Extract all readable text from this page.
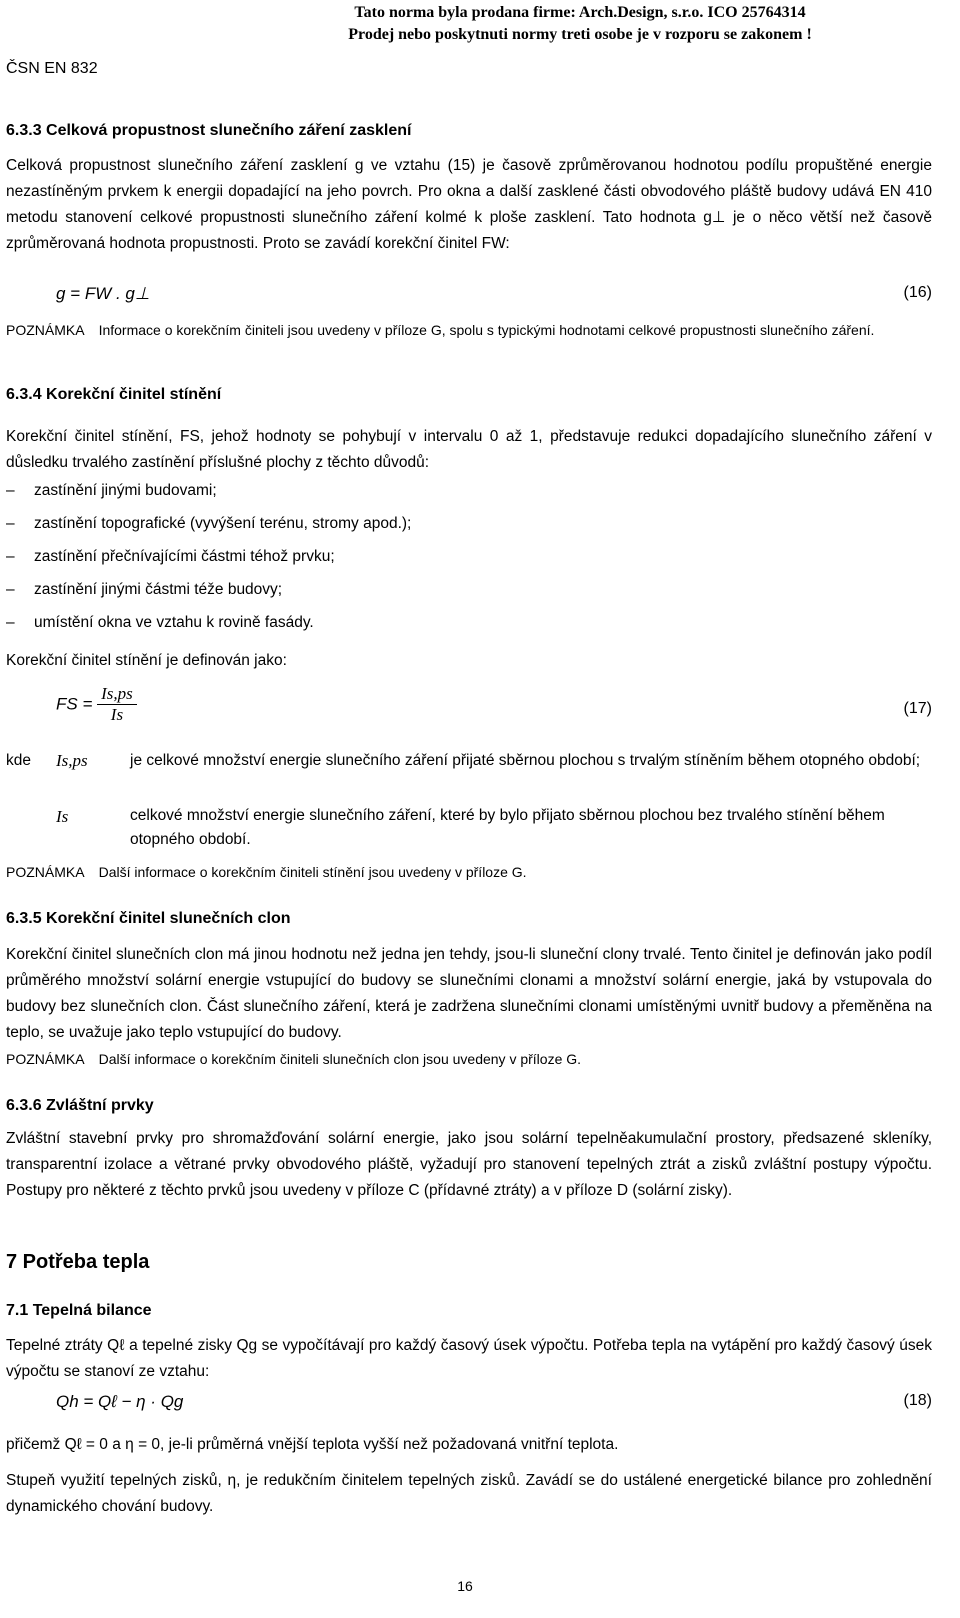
Tato norma byla prodana firme: Arch.Design, s.r.o. ICO 25764314
Prodej nebo poskytnuti normy treti osobe je v rozporu se zakonem !
ČSN EN 832
6.3.3 Celková propustnost slunečního záření zasklení
Celková propustnost slunečního záření zasklení g ve vztahu (15) je časově zprůměrovanou hodnotou podílu propuštěné energie nezastíněným prvkem k energii dopadající na jeho povrch. Pro okna a další zasklené části obvodového pláště budovy udává EN 410 metodu stanovení celkové propustnosti slunečního záření kolmé k ploše zasklení. Tato hodnota g⊥ je o něco větší než časově zprůměrovaná hodnota propustnosti. Proto se zavádí korekční činitel FW:
g = FW . g⊥	(16)
POZNÁMKA Informace o korekčním činiteli jsou uvedeny v příloze G, spolu s typickými hodnotami celkové propustnosti slunečního záření.
6.3.4 Korekční činitel stínění
Korekční činitel stínění, FS, jehož hodnoty se pohybují v intervalu 0 až 1, představuje redukci dopadajícího slunečního záření v důsledku trvalého zastínění příslušné plochy z těchto důvodů:
– zastínění jinými budovami;
– zastínění topografické (vyvýšení terénu, stromy apod.);
– zastínění přečnívajícími částmi téhož prvku;
– zastínění jinými částmi téže budovy;
– umístění okna ve vztahu k rovině fasády.
Korekční činitel stínění je definován jako:
FS = $\frac{Is,ps}{Is}$	(17)
kde Is,ps	je celkové množství energie slunečního záření přijaté sběrnou plochou s trvalým stíněním během otopného období;
Is	celkové množství energie slunečního záření, které by bylo přijato sběrnou plochou bez trvalého stínění během otopného období.
POZNÁMKA Další informace o korekčním činiteli stínění jsou uvedeny v příloze G.
6.3.5 Korekční činitel slunečních clon
Korekční činitel slunečních clon má jinou hodnotu než jedna jen tehdy, jsou-li sluneční clony trvalé. Tento činitel je definován jako podíl průměrého množství solární energie vstupující do budovy se slunečními clonami a množství solární energie, jaká by vstupovala do budovy bez slunečních clon. Část slunečního záření, která je zadržena slunečními clonami umístěnými uvnitř budovy a přeměněna na teplo, se uvažuje jako teplo vstupující do budovy.
POZNÁMKA Další informace o korekčním činiteli slunečních clon jsou uvedeny v příloze G.
6.3.6 Zvláštní prvky
Zvláštní stavební prvky pro shromažďování solární energie, jako jsou solární tepelněakumulační prostory, předsazené skleníky, transparentní izolace a větrané prvky obvodového pláště, vyžadují pro stanovení tepelných ztrát a zisků zvláštní postupy výpočtu. Postupy pro některé z těchto prvků jsou uvedeny v příloze C (přídavné ztráty) a v příloze D (solární zisky).
7 Potřeba tepla
7.1 Tepelná bilance
Tepelné ztráty Qℓ a tepelné zisky Qg se vypočítávají pro každý časový úsek výpočtu. Potřeba tepla na vytápění pro každý časový úsek výpočtu se stanoví ze vztahu:
Qh = Qℓ − η · Qg	(18)
přičemž Qℓ = 0 a η = 0, je-li průměrná vnější teplota vyšší než požadovaná vnitřní teplota.
Stupeň využití tepelných zisků, η, je redukčním činitelem tepelných zisků. Zavádí se do ustálené energetické bilance pro zohlednění dynamického chování budovy.
16
